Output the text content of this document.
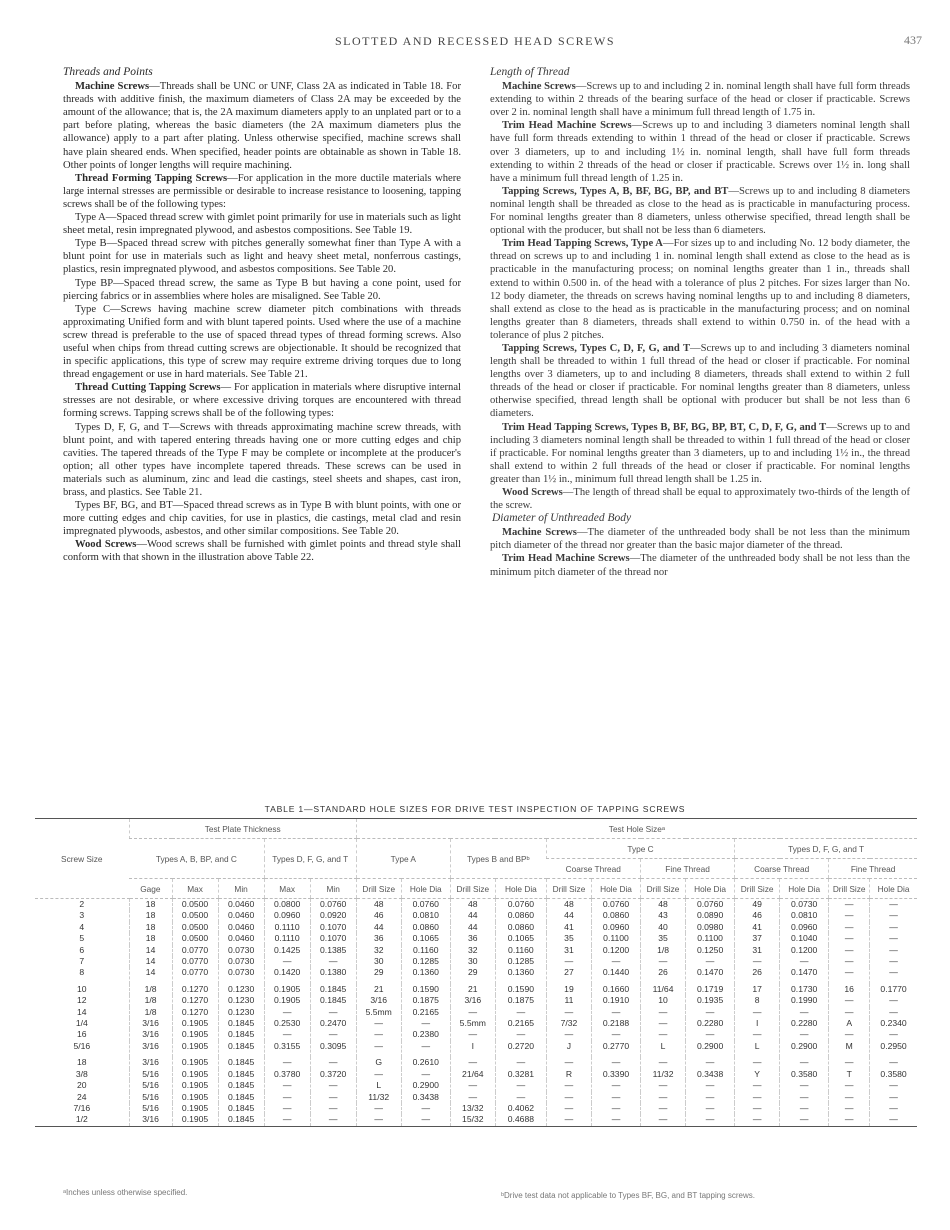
SLOTTED AND RECESSED HEAD SCREWS	437
Threads and Points

Machine Screws—Threads shall be UNC or UNF, Class 2A as indicated in Table 18. For threads with additive finish, the maximum diameters of Class 2A may be exceeded by the amount of the allowance; that is, the 2A maximum diameters apply to an unplated part or to a part before plating, whereas the basic diameters (the 2A maximum diameters plus the allowance) apply to a part after plating. Unless otherwise specified, machine screws shall have plain sheared ends. When specified, header points are obtainable as shown in Table 18. Other points of longer lengths will require machining.

Thread Forming Tapping Screws—For application in the more ductile materials where large internal stresses are permissible or desirable to increase resistance to loosening, tapping screws shall be of the following types:

Type A—Spaced thread screw with gimlet point primarily for use in materials such as light sheet metal, resin impregnated plywood, and asbestos compositions. See Table 19.

Type B—Spaced thread screw with pitches generally somewhat finer than Type A with a blunt point for use in materials such as light and heavy sheet metal, nonferrous castings, plastics, resin impregnated plywood, and asbestos compositions. See Table 20.

Type BP—Spaced thread screw, the same as Type B but having a cone point, used for piercing fabrics or in assemblies where holes are misaligned. See Table 20.

Type C—Screws having machine screw diameter pitch combinations with threads approximating Unified form and with blunt tapered points. Used where the use of a machine screw thread is preferable to the use of spaced thread types of thread forming screws. Also useful when chips from thread cutting screws are objectionable. It should be recognized that in specific applications, this type of screw may require extreme driving torques due to long thread engagement or use in hard materials. See Table 21.

Thread Cutting Tapping Screws— For application in materials where disruptive internal stresses are not desirable, or where excessive driving torques are encountered with thread forming screws. Tapping screws shall be of the following types:

Types D, F, G, and T—Screws with threads approximating machine screw threads, with blunt point, and with tapered entering threads having one or more cutting edges and chip cavities. The tapered threads of the Type F may be complete or incomplete at the producer's option; all other types have incomplete tapered threads. These screws can be used in materials such as aluminum, zinc and lead die castings, steel sheets and shapes, cast iron, brass, and plastics. See Table 21.

Types BF, BG, and BT—Spaced thread screws as in Type B with blunt points, with one or more cutting edges and chip cavities, for use in plastics, die castings, metal clad and resin impregnated plywoods, asbestos, and other similar compositions. See Table 20.

Wood Screws—Wood screws shall be furnished with gimlet points and thread style shall conform with that shown in the illustration above Table 22.

Length of Thread

Machine Screws—Screws up to and including 2 in. nominal length shall have full form threads extending to within 2 threads of the bearing surface of the head or closer if practicable. Screws over 2 in. nominal length shall have a minimum full thread length of 1.75 in.

Trim Head Machine Screws—Screws up to and including 3 diameters nominal length shall have full form threads extending to within 1 thread of the head or closer if practicable. Screws over 3 diameters, up to and including 1½ in. nominal length, shall have full form threads extending to within 2 threads of the head or closer if practicable. Screws over 1½ in. long shall have a minimum full thread length of 1.25 in.

Tapping Screws, Types A, B, BF, BG, BP, and BT—Screws up to and including 8 diameters nominal length shall be threaded as close to the head as is practicable in manufacturing process. For nominal lengths greater than 8 diameters, unless otherwise specified, thread length shall be optional with the producer, but shall not be less than 6 diameters.

Trim Head Tapping Screws, Type A—For sizes up to and including No. 12 body diameter, the thread on screws up to and including 1 in. nominal length shall extend as close to the head as is practicable in the manufacturing process; on nominal lengths greater than 1 in., threads shall extend to within 0.500 in. of the head with a tolerance of plus 2 pitches. For sizes larger than No. 12 body diameter, the threads on screws having nominal lengths up to and including 8 diameters, shall extend as close to the head as is practicable in the manufacturing process; and on nominal lengths greater than 8 diameters, threads shall extend to within 0.750 in. of the head with a tolerance of plus 2 pitches.

Tapping Screws, Types C, D, F, G, and T—Screws up to and including 3 diameters nominal length shall be threaded to within 1 full thread of the head or closer if practicable. For nominal lengths over 3 diameters, up to and including 8 diameters, threads shall extend to within 2 full threads of the head or closer if practicable. For nominal lengths greater than 8 diameters, unless otherwise specified, thread length shall be optional with producer but shall be not less than 6 diameters.

Trim Head Tapping Screws, Types B, BF, BG, BP, BT, C, D, F, G, and T—Screws up to and including 3 diameters nominal length shall be threaded to within 1 full thread of the head or closer if practicable. For nominal lengths greater than 3 diameters, up to and including 1½ in., the thread shall extend to within 2 full threads of the head or closer if practicable. For nominal lengths greater than 1½ in., minimum full thread length shall be 1.25 in.

Wood Screws—The length of thread shall be equal to approximately two-thirds of the length of the screw.

Diameter of Unthreaded Body

Machine Screws—The diameter of the unthreaded body shall be not less than the minimum pitch diameter of the thread nor greater than the basic major diameter of the thread.

Trim Head Machine Screws—The diameter of the unthreaded body shall be not less than the minimum pitch diameter of the thread nor

TABLE 1—STANDARD HOLE SIZES FOR DRIVE TEST INSPECTION OF TAPPING SCREWS
Screw Size	Test Plate Thickness					Test Hole Sizeᵃ											
	Types A, B, BP, and C			Types D, F, G, and T		Type A		Types B and BPᵇ		Type C				Types D, F, G, and T			
										Coarse Thread		Fine Thread		Coarse Thread		Fine Thread	
	Gage	Max	Min	Max	Min	Drill Size	Hole Dia	Drill Size	Hole Dia	Drill Size	Hole Dia	Drill Size	Hole Dia	Drill Size	Hole Dia	Drill Size	Hole Dia
2	18	0.0500	0.0460	0.0800	0.0760	48	0.0760	48	0.0760	48	0.0760	48	0.0760	49	0.0730	—	—
3	18	0.0500	0.0460	0.0960	0.0920	46	0.0810	44	0.0860	44	0.0860	43	0.0890	46	0.0810	—	—
4	18	0.0500	0.0460	0.1110	0.1070	44	0.0860	44	0.0860	41	0.0960	40	0.0980	41	0.0960	—	—
5	18	0.0500	0.0460	0.1110	0.1070	36	0.1065	36	0.1065	35	0.1100	35	0.1100	37	0.1040	—	—
6	14	0.0770	0.0730	0.1425	0.1385	32	0.1160	32	0.1160	31	0.1200	1/8	0.1250	31	0.1200	—	—
7	14	0.0770	0.0730	—	—	30	0.1285	30	0.1285	—	—	—	—	—	—	—	—
8	14	0.0770	0.0730	0.1420	0.1380	29	0.1360	29	0.1360	27	0.1440	26	0.1470	26	0.1470	—	—
10	1/8	0.1270	0.1230	0.1905	0.1845	21	0.1590	21	0.1590	19	0.1660	11/64	0.1719	17	0.1730	16	0.1770
12	1/8	0.1270	0.1230	0.1905	0.1845	3/16	0.1875	3/16	0.1875	11	0.1910	10	0.1935	8	0.1990	—	—
14	1/8	0.1270	0.1230	—	—	5.5mm	0.2165	—	—	—	—	—	—	—	—	—	—
1/4	3/16	0.1905	0.1845	0.2530	0.2470	—	—	5.5mm	0.2165	7/32	0.2188	—	0.2280	I	0.2280	A	0.2340
16	3/16	0.1905	0.1845	—	—	—	0.2380	—	—	—	—	—	—	—	—	—	—
5/16	3/16	0.1905	0.1845	0.3155	0.3095	—	—	I	0.2720	J	0.2770	L	0.2900	L	0.2900	M	0.2950
18	3/16	0.1905	0.1845	—	—	G	0.2610	—	—	—	—	—	—	—	—	—	—
3/8	5/16	0.1905	0.1845	0.3780	0.3720	—	—	21/64	0.3281	R	0.3390	11/32	0.3438	Y	0.3580	T	0.3580
20	5/16	0.1905	0.1845	—	—	L	0.2900	—	—	—	—	—	—	—	—	—	—
24	5/16	0.1905	0.1845	—	—	11/32	0.3438	—	—	—	—	—	—	—	—	—	—
7/16	5/16	0.1905	0.1845	—	—	—	—	13/32	0.4062	—	—	—	—	—	—	—	—
1/2	3/16	0.1905	0.1845	—	—	—	—	15/32	0.4688	—	—	—	—	—	—	—	—
ᵃInches unless otherwise specified.	ᵇDrive test data not applicable to Types BF, BG, and BT tapping screws.
